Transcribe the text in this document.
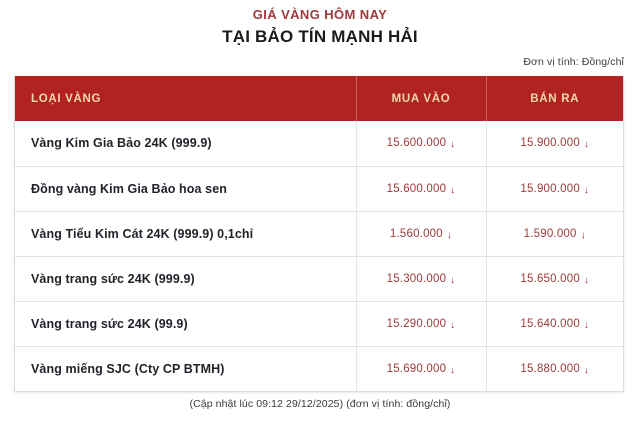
GIÁ VÀNG HÔM NAY
TẠI BẢO TÍN MẠNH HẢI
Đơn vị tính: Đồng/chỉ
LOẠI VÀNG	MUA VÀO	BÁN RA
Vàng Kim Gia Bảo 24K (999.9)	15.600.000 ↓	15.900.000 ↓
Đồng vàng Kim Gia Bảo hoa sen	15.600.000 ↓	15.900.000 ↓
Vàng Tiểu Kim Cát 24K (999.9) 0,1chỉ	1.560.000 ↓	1.590.000 ↓
Vàng trang sức 24K (999.9)	15.300.000 ↓	15.650.000 ↓
Vàng trang sức 24K (99.9)	15.290.000 ↓	15.640.000 ↓
Vàng miếng SJC (Cty CP BTMH)	15.690.000 ↓	15.880.000 ↓
(Cập nhật lúc 09:12 29/12/2025) (đơn vị tính: đồng/chỉ)
